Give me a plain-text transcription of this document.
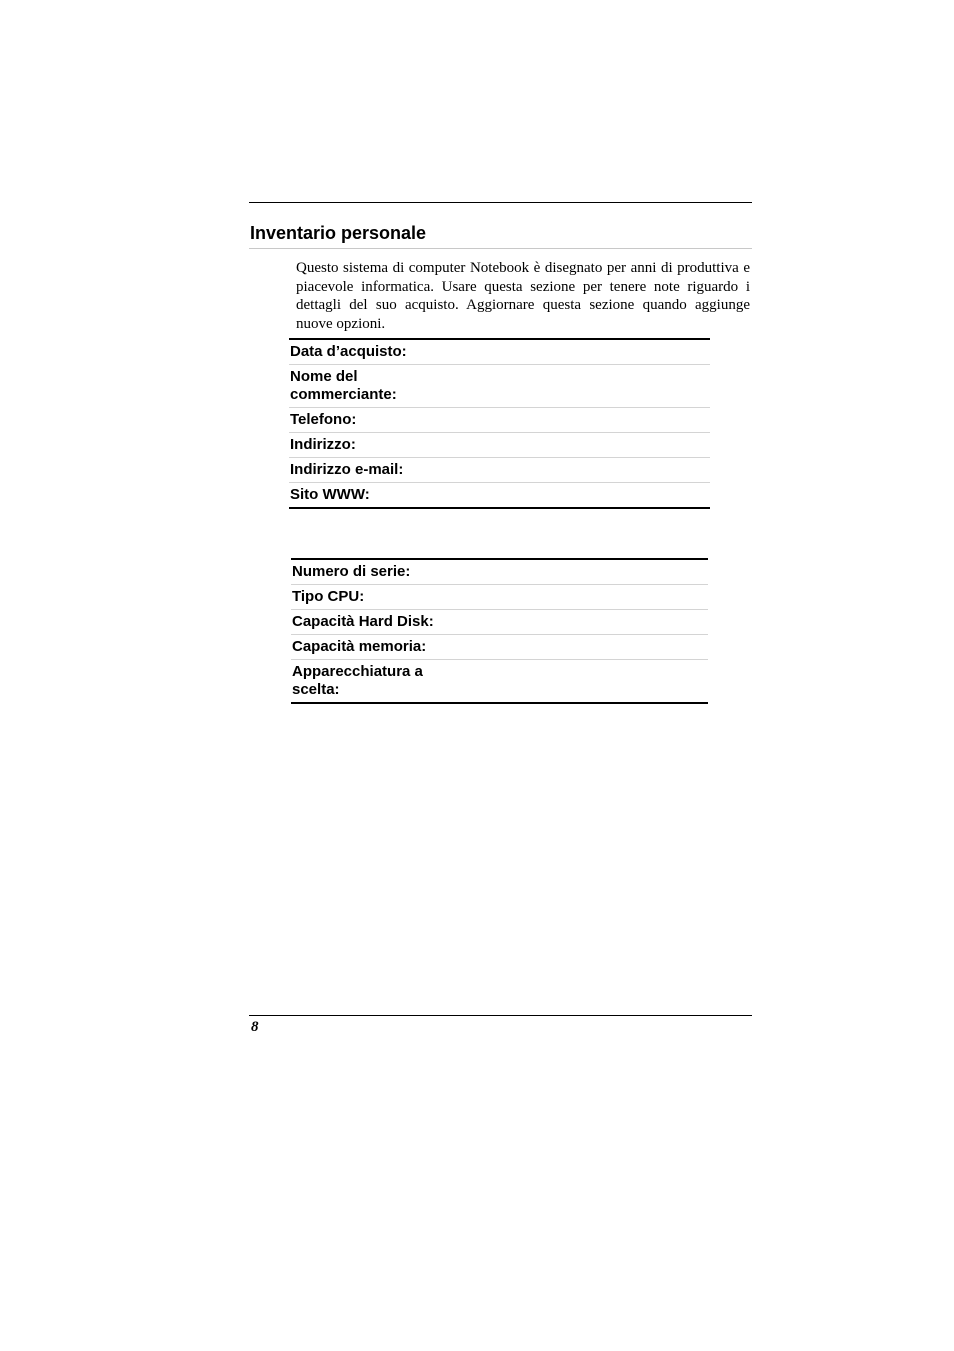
Inventario personale

Questo sistema di computer Notebook è disegnato per anni di produttiva e piacevole informatica. Usare questa sezione per tenere note riguardo i dettagli del suo acquisto. Aggiornare questa sezione quando aggiunge nuove opzioni.

Data d’acquisto:	
Nome del commerciante:	
Telefono:	
Indirizzo:	
Indirizzo e-mail:	
Sito WWW:	
Numero di serie:	
Tipo CPU:	
Capacità Hard Disk:	
Capacità memoria:	
Apparecchiatura a scelta:	
8
